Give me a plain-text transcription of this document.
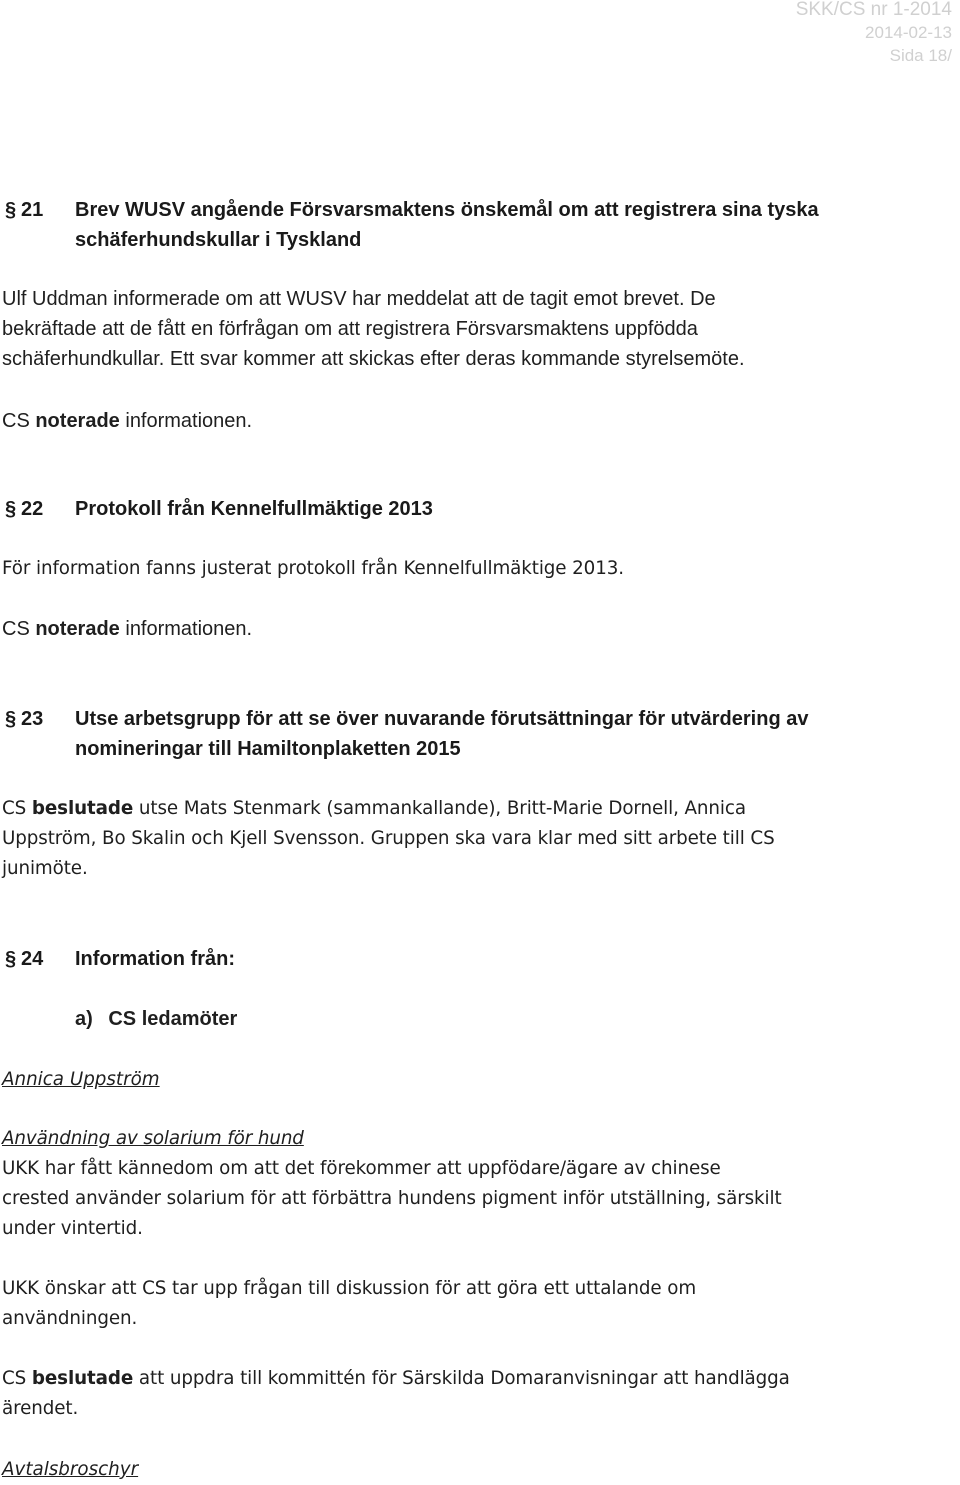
SKK/CS nr 1-2014
2014-02-13
Sida 18/
§ 21	Brev WUSV angående Försvarsmaktens önskemål om att registrera sina tyska
schäferhundskullar i Tyskland
Ulf Uddman informerade om att WUSV har meddelat att de tagit emot brevet. De
bekräftade att de fått en förfrågan om att registrera Försvarsmaktens uppfödda
schäferhundkullar. Ett svar kommer att skickas efter deras kommande styrelsemöte.
CS noterade informationen.
§ 22	Protokoll från Kennelfullmäktige 2013
För information fanns justerat protokoll från Kennelfullmäktige 2013.
CS noterade informationen.
§ 23	Utse arbetsgrupp för att se över nuvarande förutsättningar för utvärdering av
nomineringar till Hamiltonplaketten 2015
CS beslutade utse Mats Stenmark (sammankallande), Britt-Marie Dornell, Annica
Uppström, Bo Skalin och Kjell Svensson. Gruppen ska vara klar med sitt arbete till CS
junimöte.
§ 24	Information från:
a) CS ledamöter
Annica Uppström
Användning av solarium för hund
UKK har fått kännedom om att det förekommer att uppfödare/ägare av chinese
crested använder solarium för att förbättra hundens pigment inför utställning, särskilt
under vintertid.
UKK önskar att CS tar upp frågan till diskussion för att göra ett uttalande om
användningen.
CS beslutade att uppdra till kommittén för Särskilda Domaranvisningar att handlägga
ärendet.
Avtalsbroschyr
